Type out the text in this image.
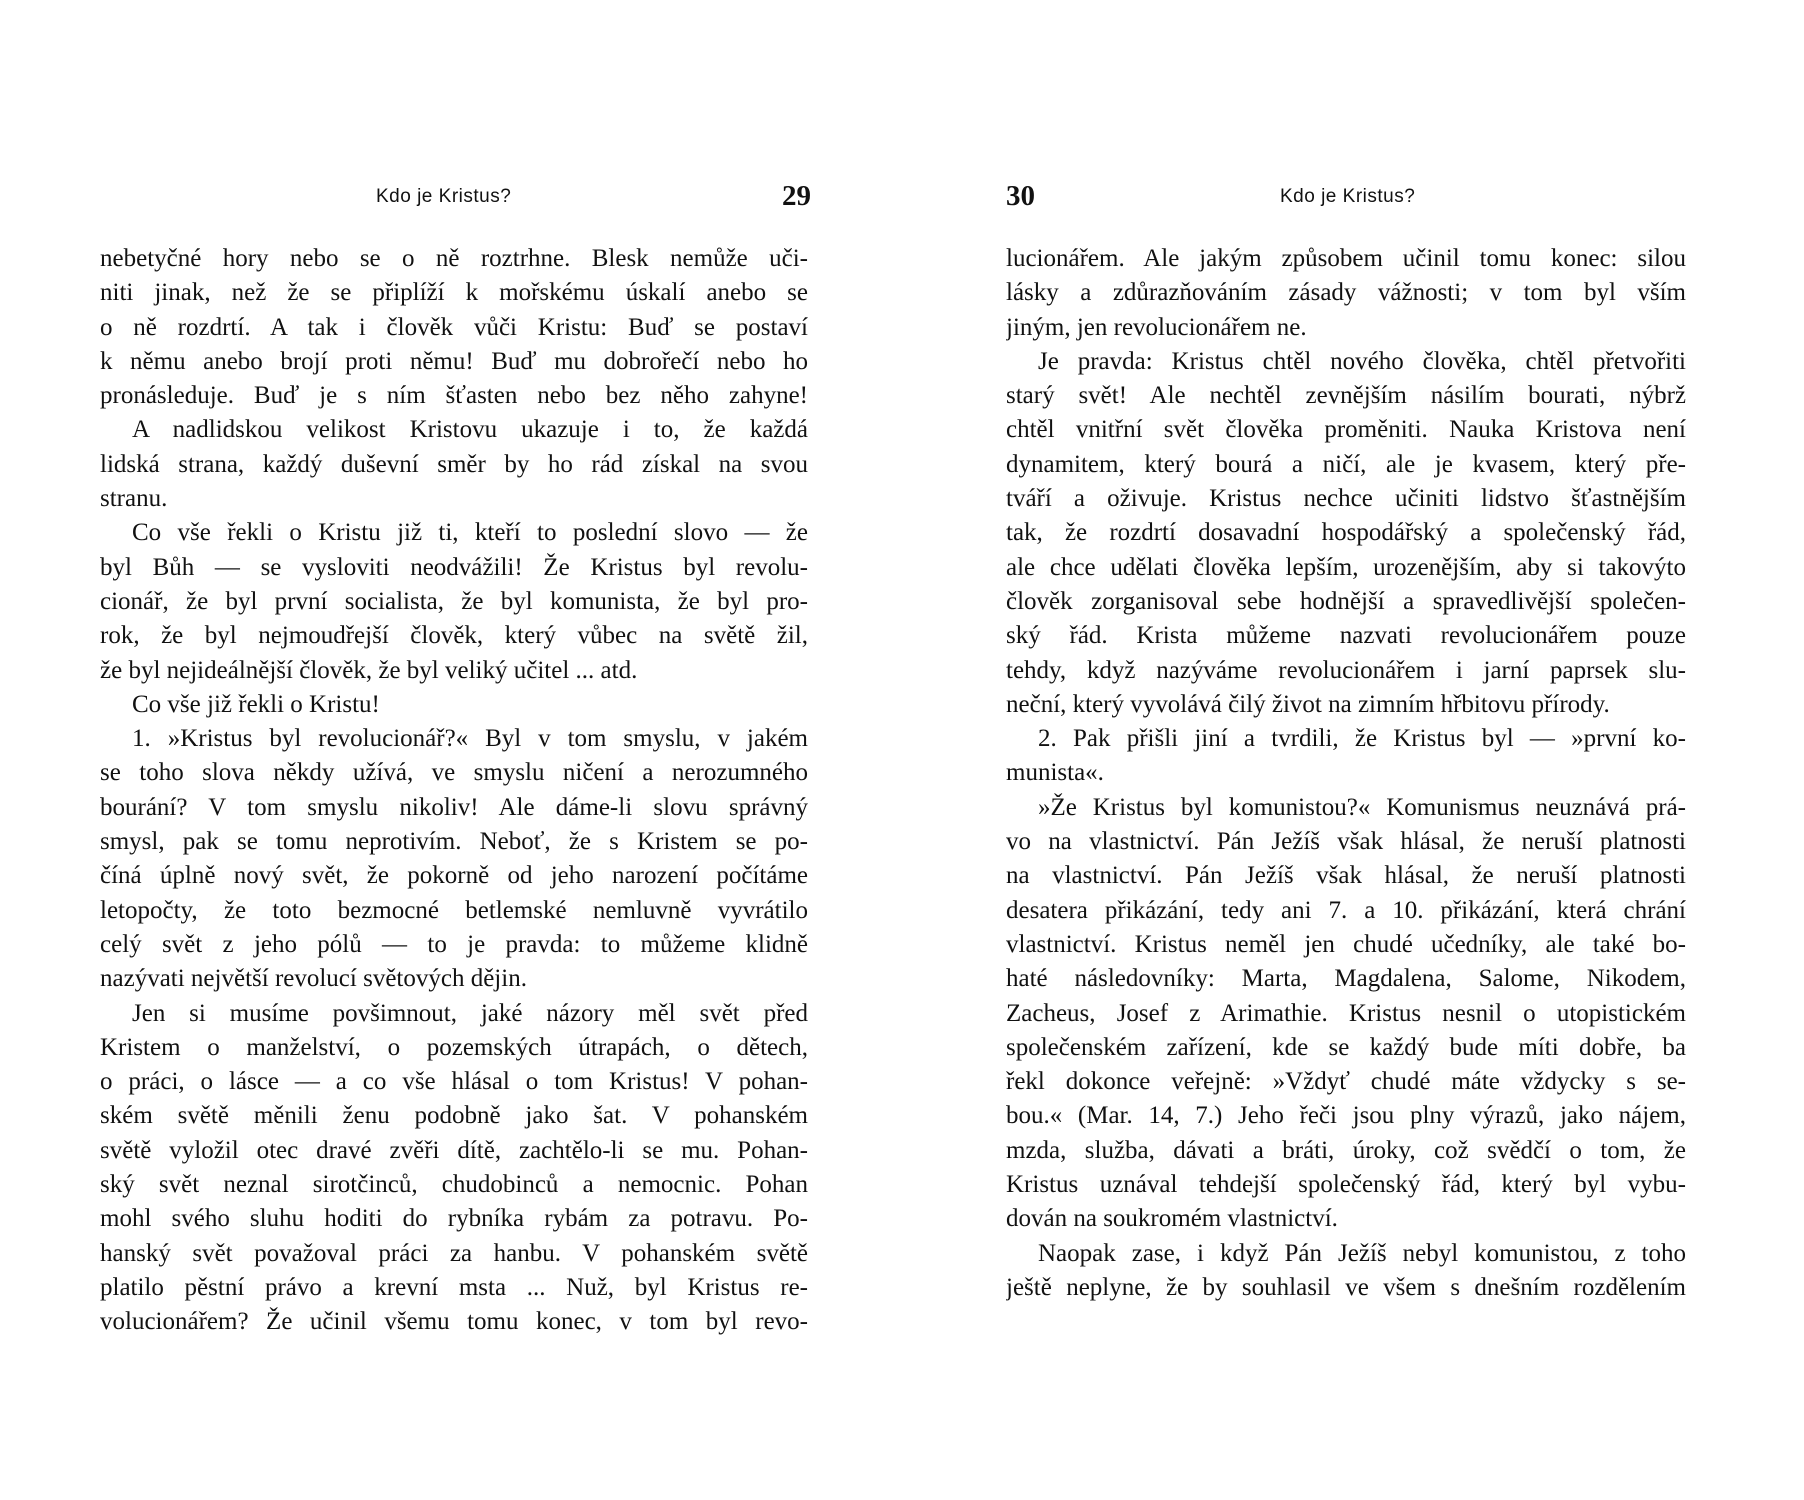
Kdo je Kristus?	29
nebetyčné hory nebo se o ně roztrhne. Blesk nemůže uči-
niti jinak, než že se připlíží k mořskému úskalí anebo se
o ně rozdrtí. A tak i člověk vůči Kristu: Buď se postaví
k němu anebo brojí proti němu! Buď mu dobrořečí nebo ho
pronásleduje. Buď je s ním šťasten nebo bez něho zahyne!
A nadlidskou velikost Kristovu ukazuje i to, že každá
lidská strana, každý duševní směr by ho rád získal na svou
stranu.
Co vše řekli o Kristu již ti, kteří to poslední slovo — že
byl Bůh — se vysloviti neodvážili! Že Kristus byl revolu-
cionář, že byl první socialista, že byl komunista, že byl pro-
rok, že byl nejmoudřejší člověk, který vůbec na světě žil,
že byl nejideálnější člověk, že byl veliký učitel ... atd.
Co vše již řekli o Kristu!
1. »Kristus byl revolucionář?« Byl v tom smyslu, v jakém
se toho slova někdy užívá, ve smyslu ničení a nerozumného
bourání? V tom smyslu nikoliv! Ale dáme-li slovu správný
smysl, pak se tomu neprotivím. Neboť, že s Kristem se po-
číná úplně nový svět, že pokorně od jeho narození počítáme
letopočty, že toto bezmocné betlemské nemluvně vyvrátilo
celý svět z jeho pólů — to je pravda: to můžeme klidně
nazývati největší revolucí světových dějin.
Jen si musíme povšimnout, jaké názory měl svět před
Kristem o manželství, o pozemských útrapách, o dětech,
o práci, o lásce — a co vše hlásal o tom Kristus! V pohan-
ském světě měnili ženu podobně jako šat. V pohanském
světě vyložil otec dravé zvěři dítě, zachtělo-li se mu. Pohan-
ský svět neznal sirotčinců, chudobinců a nemocnic. Pohan
mohl svého sluhu hoditi do rybníka rybám za potravu. Po-
hanský svět považoval práci za hanbu. V pohanském světě
platilo pěstní právo a krevní msta ... Nuž, byl Kristus re-
volucionářem? Že učinil všemu tomu konec, v tom byl revo-
30	Kdo je Kristus?
lucionářem. Ale jakým způsobem učinil tomu konec: silou
lásky a zdůrazňováním zásady vážnosti; v tom byl vším
jiným, jen revolucionářem ne.
Je pravda: Kristus chtěl nového člověka, chtěl přetvořiti
starý svět! Ale nechtěl zevnějším násilím bourati, nýbrž
chtěl vnitřní svět člověka proměniti. Nauka Kristova není
dynamitem, který bourá a ničí, ale je kvasem, který pře-
tváří a oživuje. Kristus nechce učiniti lidstvo šťastnějším
tak, že rozdrtí dosavadní hospodářský a společenský řád,
ale chce udělati člověka lepším, urozenějším, aby si takovýto
člověk zorganisoval sebe hodnější a spravedlivější společen-
ský řád. Krista můžeme nazvati revolucionářem pouze
tehdy, když nazýváme revolucionářem i jarní paprsek slu-
neční, který vyvolává čilý život na zimním hřbitovu přírody.
2. Pak přišli jiní a tvrdili, že Kristus byl — »první ko-
munista«.
»Že Kristus byl komunistou?« Komunismus neuznává prá-
vo na vlastnictví. Pán Ježíš však hlásal, že neruší platnosti
na vlastnictví. Pán Ježíš však hlásal, že neruší platnosti
desatera přikázání, tedy ani 7. a 10. přikázání, která chrání
vlastnictví. Kristus neměl jen chudé učedníky, ale také bo-
haté následovníky: Marta, Magdalena, Salome, Nikodem,
Zacheus, Josef z Arimathie. Kristus nesnil o utopistickém
společenském zařízení, kde se každý bude míti dobře, ba
řekl dokonce veřejně: »Vždyť chudé máte vždycky s se-
bou.« (Mar. 14, 7.) Jeho řeči jsou plny výrazů, jako nájem,
mzda, služba, dávati a bráti, úroky, což svědčí o tom, že
Kristus uznával tehdejší společenský řád, který byl vybu-
dován na soukromém vlastnictví.
Naopak zase, i když Pán Ježíš nebyl komunistou, z toho
ještě neplyne, že by souhlasil ve všem s dnešním rozdělením
